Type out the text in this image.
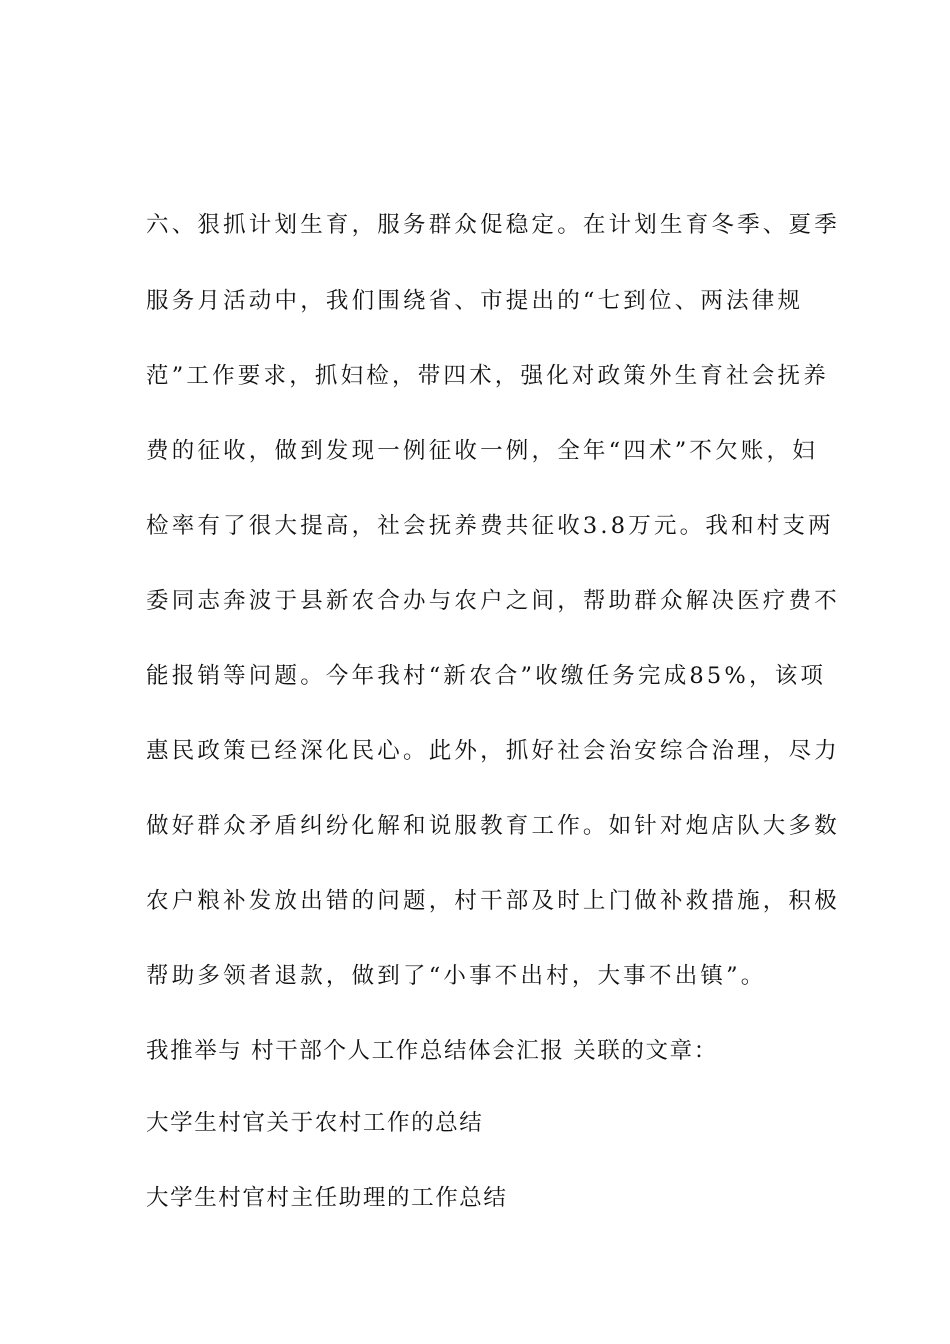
六、狠抓计划生育，服务群众促稳定。在计划生育冬季、夏季
服务月活动中，我们围绕省、市提出的“七到位、两法律规
范”工作要求，抓妇检，带四术，强化对政策外生育社会抚养
费的征收，做到发现一例征收一例，全年“四术”不欠账，妇
检率有了很大提高，社会抚养费共征收3.8万元。我和村支两
委同志奔波于县新农合办与农户之间，帮助群众解决医疗费不
能报销等问题。今年我村“新农合”收缴任务完成85%，该项
惠民政策已经深化民心。此外，抓好社会治安综合治理，尽力
做好群众矛盾纠纷化解和说服教育工作。如针对炮店队大多数
农户粮补发放出错的问题，村干部及时上门做补救措施，积极
帮助多领者退款，做到了“小事不出村，大事不出镇”。
我推举与 村干部个人工作总结体会汇报 关联的文章：
大学生村官关于农村工作的总结
大学生村官村主任助理的工作总结
